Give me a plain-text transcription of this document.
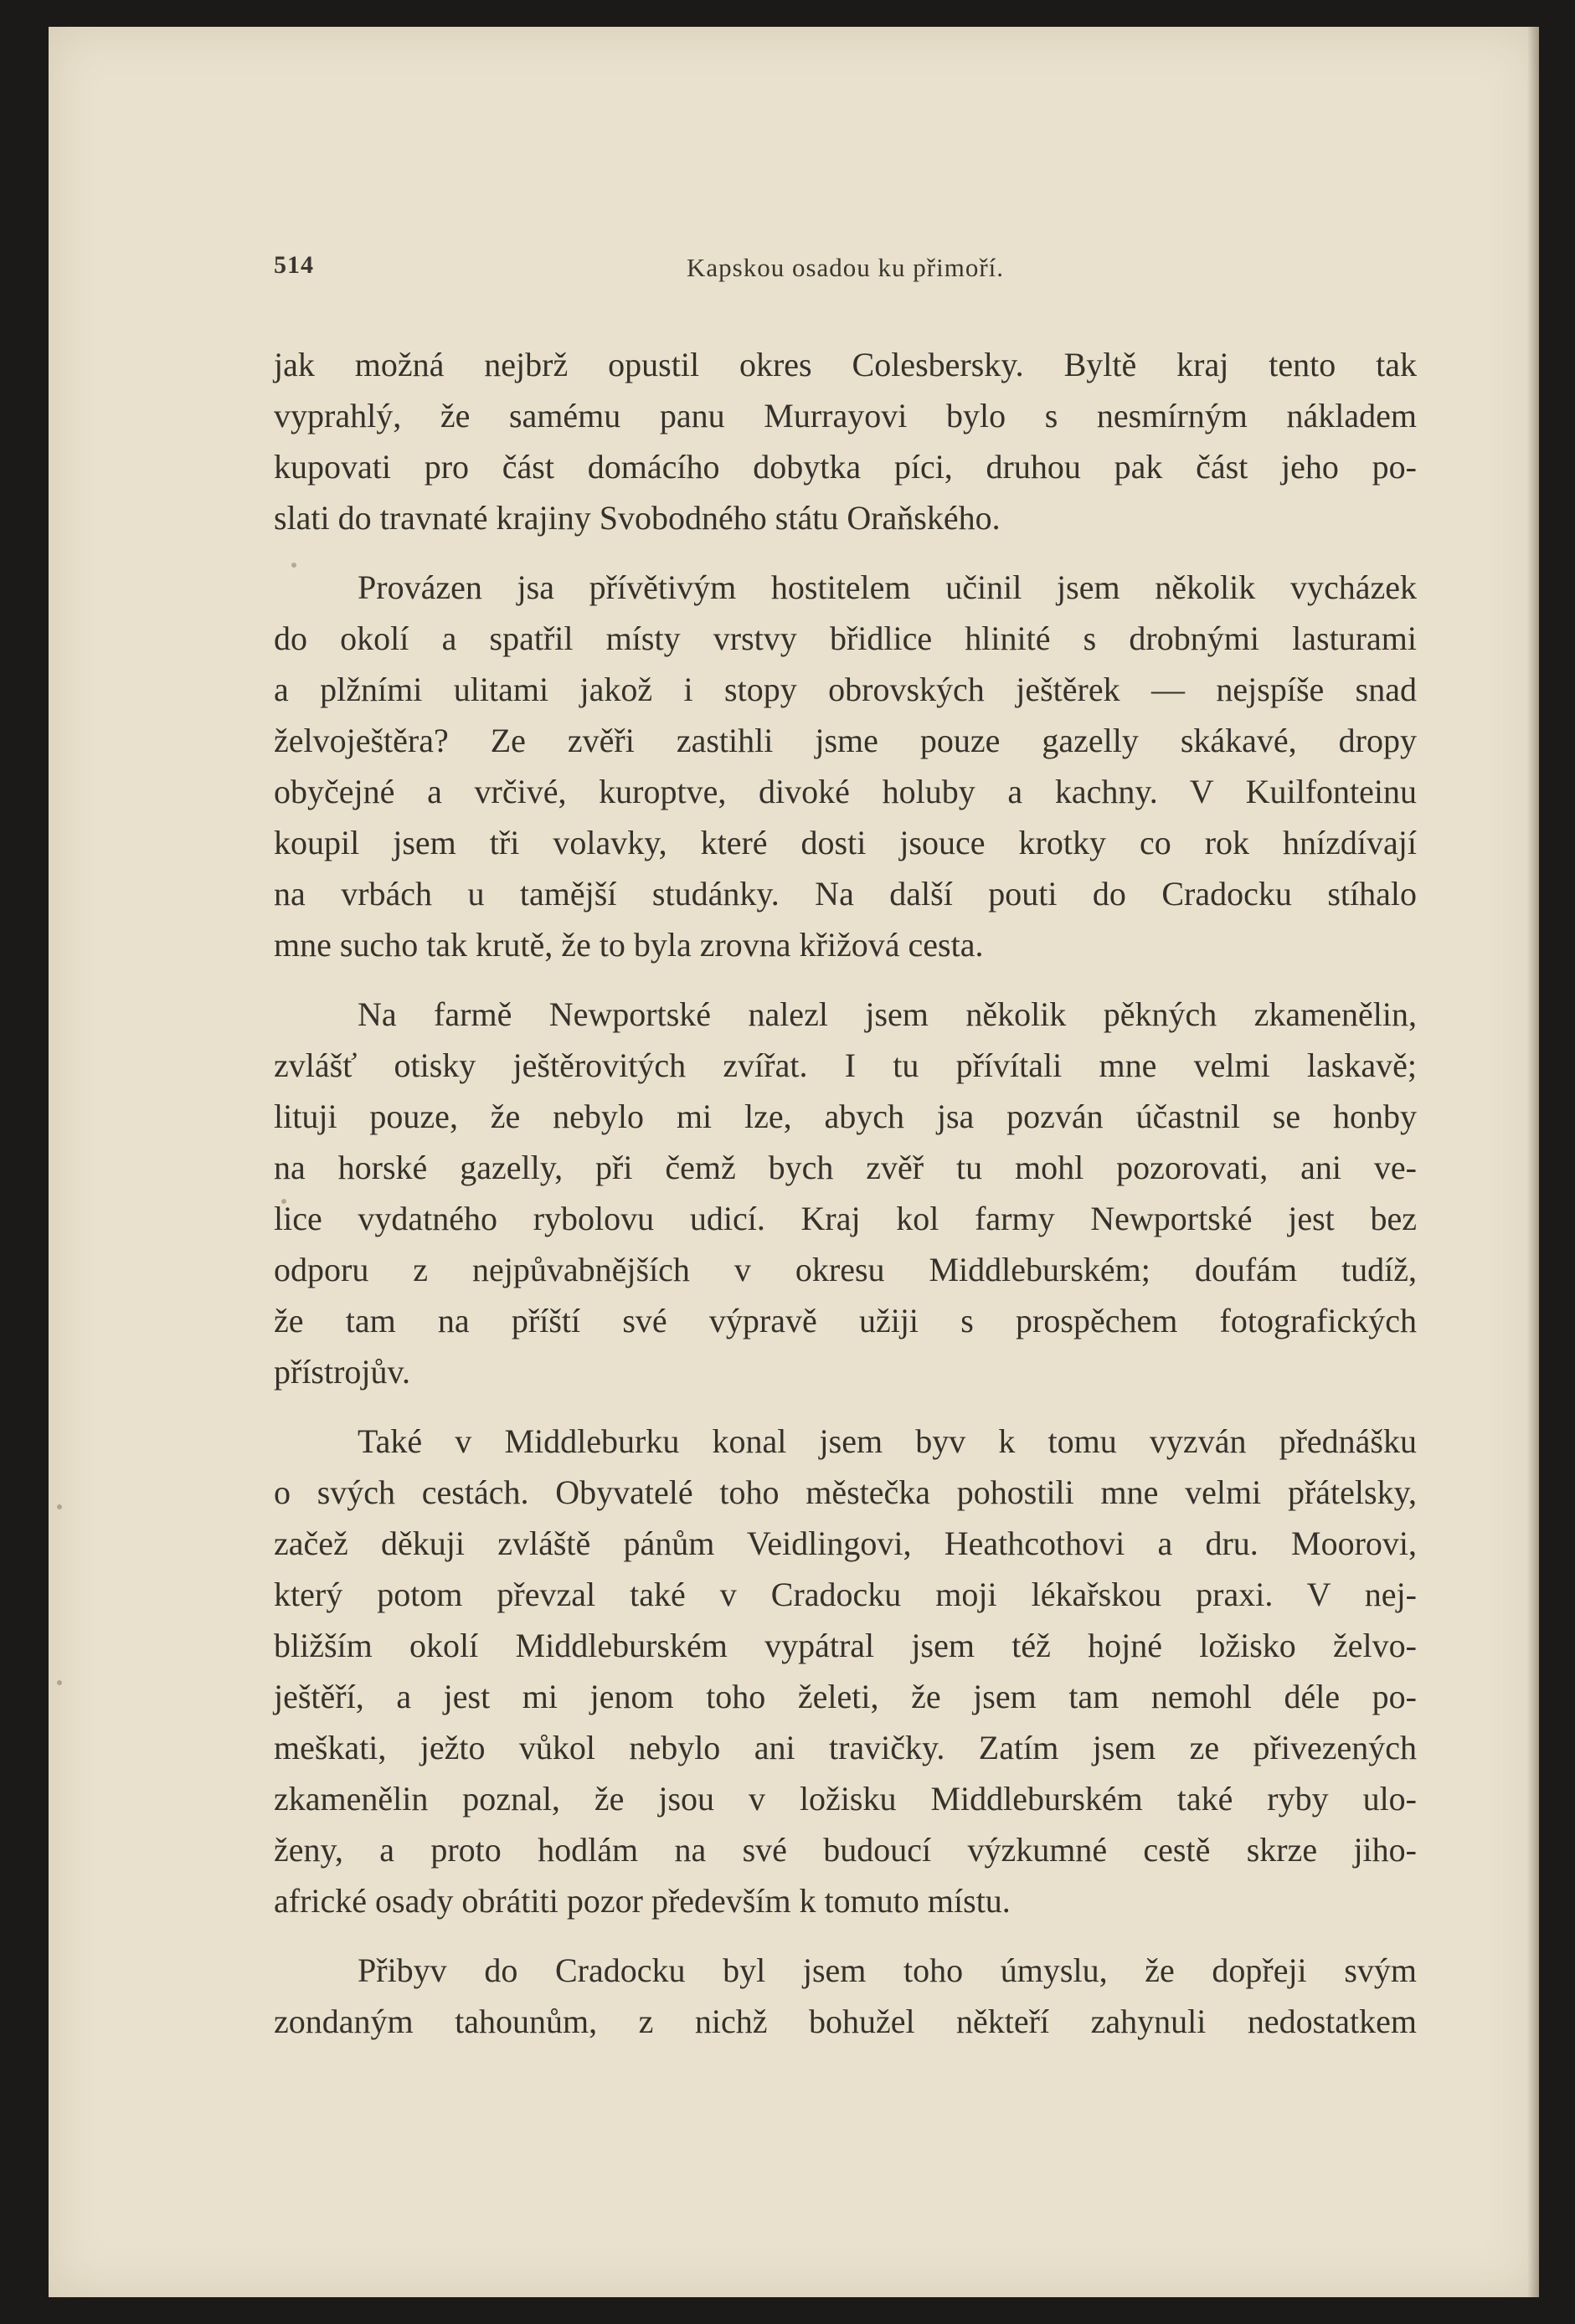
514	Kapskou osadou ku přimoří.

jak možná nejbrž opustil okres Colesbersky. Byltě kraj tento tak
vyprahlý, že samému panu Murrayovi bylo s nesmírným nákladem
kupovati pro část domácího dobytka píci, druhou pak část jeho po-
slati do travnaté krajiny Svobodného státu Oraňského.

Provázen jsa přívětivým hostitelem učinil jsem několik vycházek
do okolí a spatřil místy vrstvy břidlice hlinité s drobnými lasturami
a plžními ulitami jakož i stopy obrovských ještěrek — nejspíše snad
želvoještěra? Ze zvěři zastihli jsme pouze gazelly skákavé, dropy
obyčejné a vrčivé, kuroptve, divoké holuby a kachny. V Kuilfonteinu
koupil jsem tři volavky, které dosti jsouce krotky co rok hnízdívají
na vrbách u tamější studánky. Na další pouti do Cradocku stíhalo
mne sucho tak krutě, že to byla zrovna křižová cesta.

Na farmě Newportské nalezl jsem několik pěkných zkamenělin,
zvlášť otisky ještěrovitých zvířat. I tu přívítali mne velmi laskavě;
lituji pouze, že nebylo mi lze, abych jsa pozván účastnil se honby
na horské gazelly, při čemž bych zvěř tu mohl pozorovati, ani ve-
lice vydatného rybolovu udicí. Kraj kol farmy Newportské jest bez
odporu z nejpůvabnějších v okresu Middleburském; doufám tudíž,
že tam na příští své výpravě užiji s prospěchem fotografických
přístrojův.

Také v Middleburku konal jsem byv k tomu vyzván přednášku
o svých cestách. Obyvatelé toho městečka pohostili mne velmi přátelsky,
začež děkuji zvláště pánům Veidlingovi, Heathcothovi a dru. Moorovi,
který potom převzal také v Cradocku moji lékařskou praxi. V nej-
bližším okolí Middleburském vypátral jsem též hojné ložisko želvo-
ještěří, a jest mi jenom toho želeti, že jsem tam nemohl déle po-
meškati, ježto vůkol nebylo ani travičky. Zatím jsem ze přivezených
zkamenělin poznal, že jsou v ložisku Middleburském také ryby ulo-
ženy, a proto hodlám na své budoucí výzkumné cestě skrze jiho-
africké osady obrátiti pozor především k tomuto místu.

Přibyv do Cradocku byl jsem toho úmyslu, že dopřeji svým
zondaným tahounům, z nichž bohužel někteří zahynuli nedostatkem
